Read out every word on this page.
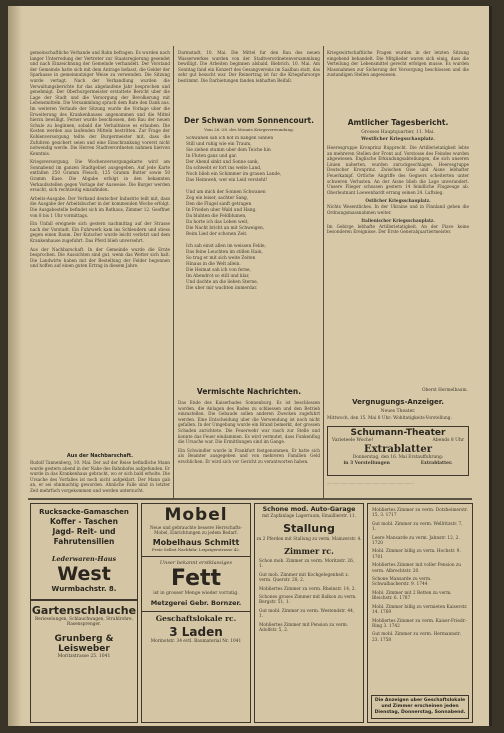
gemeinschaftliche Verbande und Bahn befragen. Es wurden nach langer Unterredung der Vertreter zur Staatsregierung gesendet und nach Einzeichnung der Gemeinde verhandelt. Der Vorstand der Gemeinde hatte sich mit dem Antrage befasst, die Gelder der Sparkasse in gemeinnutziger Weise zu verwenden. Die Sitzung wurde vertagt. Nach der Verhandlung wurden die Verwaltungsberichte fur das abgelaufene Jahr besprochen und genehmigt. Der Oberburgermeister erstattete Bericht uber die Lage der Stadt und die Versorgung der Bevolkerung mit Lebensmitteln. Die Versammlung sprach dem Rate den Dank aus. Im weiteren Verlaufe der Sitzung wurde die Vorlage uber die Erweiterung des Krankenhauses angenommen und die Mittel hierzu bewilligt. Ferner wurde beschlossen, den Bau der neuen Schule zu beginnen, sobald die Verhaltnisse es erlauben. Die Kosten werden aus laufenden Mitteln bestritten. Zur Frage der Kohlenversorgung teilte der Burgermeister mit, dass die Zufuhren gesichert seien und eine Einschrankung vorerst nicht notwendig werde. Die Herren Stadtverordneten nahmen hiervon Kenntnis.
Kriegsversorgung. Die Wochenversorgungskarte wird am Sonnabend im ganzen Stadtgebiet ausgegeben. Auf jede Karte entfallen 250 Gramm Fleisch, 125 Gramm Butter sowie 50 Gramm Kase. Die Abgabe erfolgt in den bekannten Verkaufsstellen gegen Vorlage der Ausweise. Die Burger werden ersucht, sich rechtzeitig einzufinden.
Arbeits-Ausgabe. Der Verband deutscher Industrie teilt mit, dass die Ausgabe der Arbeitsbucher in der kommenden Woche erfolgt. Die Ausgabestelle befindet sich im Rathaus, Zimmer 12. Geoffnet von 8 bis 1 Uhr vormittags.
Ein Unfall ereignete sich gestern nachmittag auf der Strasse nach der Vorstadt. Ein Fuhrwerk kam ins Schleudern und stiess gegen einen Baum. Der Kutscher wurde leicht verletzt und dem Krankenhause zugefuhrt. Das Pferd blieb unversehrt.
Aus der Nachbarschaft. In der Gemeinde wurde die Ernte besprochen. Die Aussichten sind gut, wenn das Wetter sich halt. Die Landwirte haben mit der Bestellung der Felder begonnen und hoffen auf einen guten Ertrag in diesem Jahre.
Aus der Nachbarschaft.
Rudolf Tannenberg, 10. Mai. Der auf der Reise befindliche Mann wurde gestern abend in der Nahe des Bahnhofes aufgefunden. Er wurde in das Krankenhaus gebracht, wo er sich bald erholte. Die Ursache des Vorfalles ist noch nicht aufgeklart. Der Mann gab an, er sei ohnmachtig geworden. Ahnliche Falle sind in letzter Zeit mehrfach vorgekommen und werden untersucht.
Darmstadt, 10. Mai. Die Mittel fur den Bau des neuen Wasserwerkes wurden von der Stadtverordnetenversammlung bewilligt. Die Arbeiten beginnen alsbald. Biebrich, 10. Mai. Am Sonntag fand ein Konzert des Gesangvereins im Saalbau statt, das sehr gut besucht war. Der Reinertrag ist fur die Kriegsfursorge bestimmt. Die Darbietungen fanden lebhaften Beifall.
Der Schwan vom Sonnencourt.
Vom 26.-28. des Monats Kriegsverwundung.
Schwanen sah ich hof in bangen Sinnen
Still und ruhig wie ein Traum,
Sie ziehen stumm uber dem Teiche hin
In Fluten ganz und gar.
Der Abend sinkt und Sonne sank,
Da schwebt er fort ins weite Land,
Noch blieb ein Schimmer im grauen Lande,
Das Heimweh, wer ein Leid versteht!

Und um mich der Sonnen Schwanen
Zog ein leiser, sachter Sang,
Den die Flugel sanft getragen
In Frieden uber Wald und Hang.
Da bluhten die Feldblumen,
Da horte ich das Leben weit,
Die Nacht bricht an mit Schweigen,
Beim Lied der schonen Zeit.

Ich sah einst allen im weissen Felde,
Das feine Leuchten im stillen Hain,
So trug er mit sich weite Zeiten
Hinaus in die Welt allein.
Die Heimat sah ich von ferne,
Im Abendrot so still und klar,
Und dachte an die lieben Sterne,
Die uber mir wachten immerdar.
Vermischte Nachrichten.
Das Ende des Kaiserbades Sonnenburg. Es ist beschlossen worden, die Anlagen des Bades zu schliessen und den Betrieb einzustellen. Die Gebaude sollen anderen Zwecken zugefuhrt werden. Eine Entscheidung uber die Verwendung ist noch nicht gefallen. In der Umgebung wurde ein Brand bemerkt, der grossen Schaden anrichtete. Die Feuerwehr war rasch zur Stelle und konnte das Feuer eindammen. Es wird vermutet, dass Funkenflug die Ursache war. Die Ermittlungen sind im Gange.
Ein Schwindler wurde in Frankfurt festgenommen. Er hatte sich als Beamter ausgegeben und von mehreren Familien Geld erschlichen. Er wird sich vor Gericht zu verantworten haben.
Kriegswirtschaftliche Fragen wurden in der letzten Sitzung eingehend behandelt. Die Mitglieder waren sich einig, dass die Verteilung der Lebensmittel gerecht erfolgen musse. Es wurden Massnahmen zur Sicherung der Versorgung beschlossen und die zustandigen Stellen angewiesen.
Amtlicher Tagesbericht.
Grosses Hauptquartier, 11. Mai.
Westlicher Kriegsschauplatz.
Heeresgruppe Kronprinz Rupprecht. Die Artillerietatigkeit lebte an mehreren Stellen der Front auf. Vorstosse des Feindes wurden abgewiesen. Englische Erkundungsabteilungen, die sich unseren Linien naherten, wurden zuruckgeschlagen. Heeresgruppe Deutscher Kronprinz. Zwischen Oise und Aisne lebhafter Feuerkampf. Ortliche Angriffe des Gegners scheiterten unter schweren Verlusten. An der Aisne blieb die Lage unverandert. Unsere Flieger schossen gestern 14 feindliche Flugzeuge ab. Oberleutnant Loewenhardt errang seinen 24. Luftsieg.
Ostlicher Kriegsschauplatz.
Nichts Wesentliches. In der Ukraine und in Finnland gehen die Ordnungsmassnahmen weiter.
Italienischer Kriegsschauplatz.
Im Gebirge lebhafte Artillerietatigkeit. An der Piave keine besonderen Ereignisse. Der Erste Generalquartiermeister.
Oberst Hermelbaum.
Vergnugungs-Anzeiger.
Neues Theater.
Mittwoch, den 15. Mai 8 Uhr: Wohltatigkeits-Vorstellung.
Schumann-Theater
Varieteele Woche!	Abends 8 Uhr
Extrablatter
Donnerstag, den 16. Mai Erstauffuhrung:
in 3 Vorstellungen	Extrablatter.
............................................................................
Rucksacke-Gamaschen
Koffer - Taschen
Jagd- Reit- und
Fahrutensilien
Lederwaren-Haus
West
Wurmbachstr. 8.
Gartenschlauche
Berieselungen, Schlauchwagen, Strahlrohre, Rasensprenger.
Grunberg & Leisweber
Moritzstrasse 25. 1041
Mobel
Neue und gebrauchte bessere Herrschafts-Mobel, Einrichtungen zu jedem Bedarf.
Mobelhaus Schmitt
Freie Selbst Nachfahr, Leipzigerstrasse 42.
Unser bekannt erstklassiges
Fett
ist in grosser Menge wieder vorratig.
Metzgerei Gebr. Bornzer.
Geschaftslokale rc.
3 Laden
Morinotstr. 34 evtl. Baumaterial Nr. 1041
Schone mod. Auto-Garage
mit Zapfanlage Lagerraum, Emaillierstr. 11.
Stallung
zu 2 Pferden mit Stallung zu verm. Mainzerstr. 4.
Zimmer rc.
Schon mob. Zimmer zu verm. Moritzstr. 26, 1.
Gut mob. Zimmer mit Kochgelegenheit z. verm. Querstr. 28, 2.
Mobliertes Zimmer zu verm. Rheinstr. 14, 2.
Schones groses Zimmer mit Balkon zu verm. Bergstr. 51, 1.
Gut mobl. Zimmer zu verm. Westendstr. 44, 1.
Mobliertes Zimmer mit Pension zu verm. Adolfstr. 5, 2.
Mobliertes Zimmer zu verm. Dotzheimerstr. 15, 3. 1717
Gut mobl. Zimmer zu verm. Wellritzstr. 7, 1.
Leere Mansarde zu verm. Jahnstr. 12, 2. 1720
Mobl. Zimmer billig zu verm. Hochstr. 9. 1701
Mobliertes Zimmer mit voller Pension zu verm. Albrechtstr. 20.
Schone Mansarde zu verm. Schwalbacherstr. 9. 1744
Mobl. Zimmer mit 2 Betten zu verm. Bleichstr. 6. 1787
Mobl. Zimmer billig zu vermieten Kaiserstr. 14. 1769
Mobliertes Zimmer zu verm. Kaiser-Friedr.-Ring 3. 1742
Gut mobl. Zimmer zu verm. Hermannstr. 23. 1758
Die Anzeigen uber Geschaftslokale und Zimmer erscheinen jeden Dienstag, Donnerstag, Sonnabend.
